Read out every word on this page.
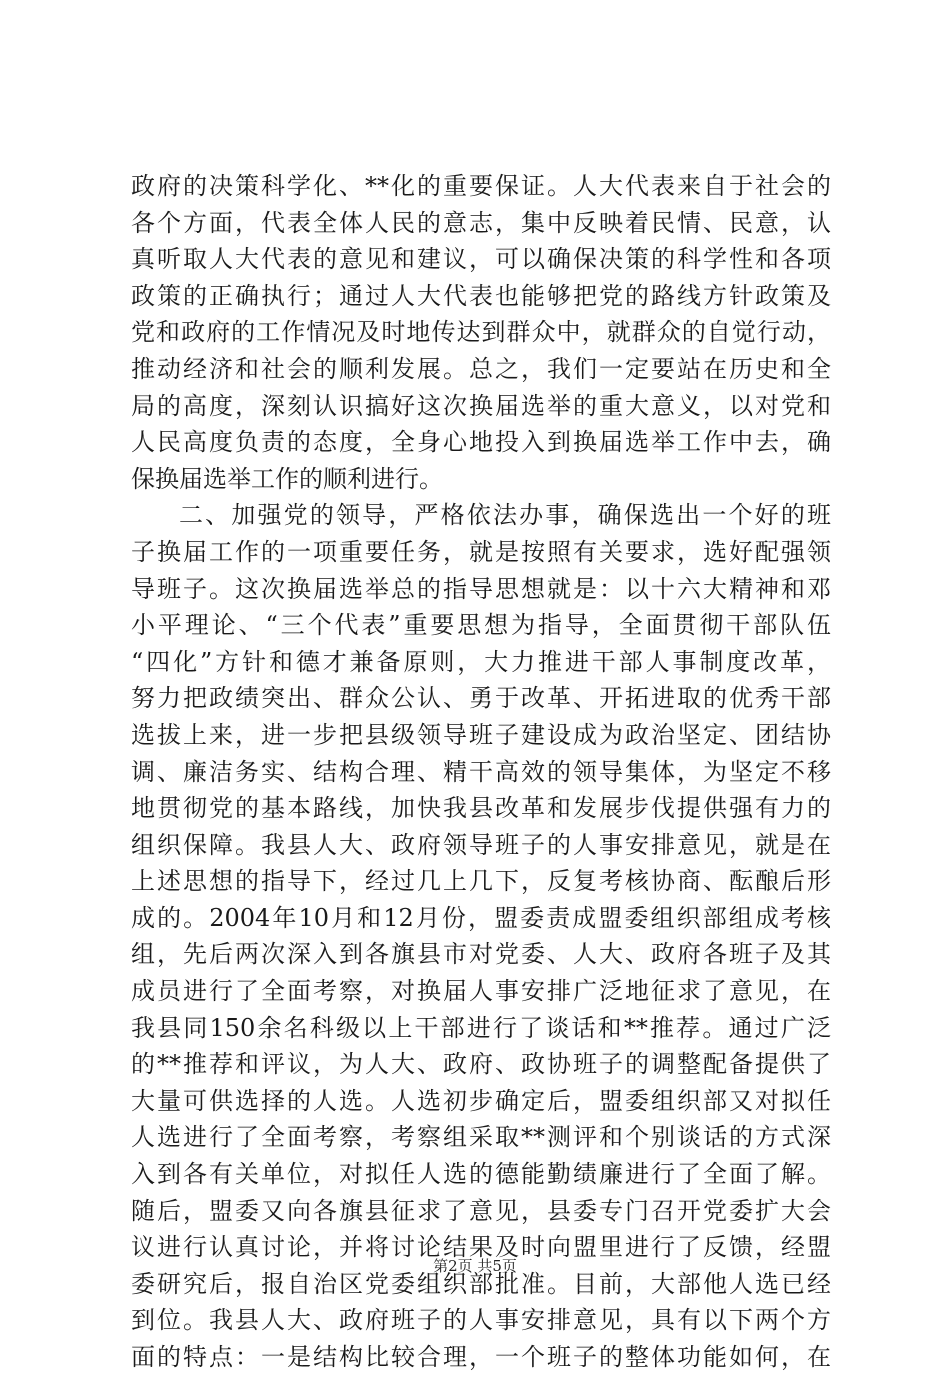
政府的决策科学化、**化的重要保证。人大代表来自于社会的
各个方面，代表全体人民的意志，集中反映着民情、民意，认
真听取人大代表的意见和建议，可以确保决策的科学性和各项
政策的正确执行；通过人大代表也能够把党的路线方针政策及
党和政府的工作情况及时地传达到群众中，就群众的自觉行动，
推动经济和社会的顺利发展。总之，我们一定要站在历史和全
局的高度，深刻认识搞好这次换届选举的重大意义，以对党和
人民高度负责的态度，全身心地投入到换届选举工作中去，确
保换届选举工作的顺利进行。
二、加强党的领导，严格依法办事，确保选出一个好的班
子换届工作的一项重要任务，就是按照有关要求，选好配强领
导班子。这次换届选举总的指导思想就是：以十六大精神和邓
小平理论、“三个代表”重要思想为指导，全面贯彻干部队伍
“四化”方针和德才兼备原则，大力推进干部人事制度改革，
努力把政绩突出、群众公认、勇于改革、开拓进取的优秀干部
选拔上来，进一步把县级领导班子建设成为政治坚定、团结协
调、廉洁务实、结构合理、精干高效的领导集体，为坚定不移
地贯彻党的基本路线，加快我县改革和发展步伐提供强有力的
组织保障。我县人大、政府领导班子的人事安排意见，就是在
上述思想的指导下，经过几上几下，反复考核协商、酝酿后形
成的。2004年10月和12月份，盟委责成盟委组织部组成考核
组，先后两次深入到各旗县市对党委、人大、政府各班子及其
成员进行了全面考察，对换届人事安排广泛地征求了意见，在
我县同150余名科级以上干部进行了谈话和**推荐。通过广泛
的**推荐和评议，为人大、政府、政协班子的调整配备提供了
大量可供选择的人选。人选初步确定后，盟委组织部又对拟任
人选进行了全面考察，考察组采取**测评和个别谈话的方式深
入到各有关单位，对拟任人选的德能勤绩廉进行了全面了解。
随后，盟委又向各旗县征求了意见，县委专门召开党委扩大会
议进行认真讨论，并将讨论结果及时向盟里进行了反馈，经盟
委研究后，报自治区党委组织部批准。目前，大部他人选已经
到位。我县人大、政府班子的人事安排意见，具有以下两个方
面的特点：一是结构比较合理，一个班子的整体功能如何，在
第2页 共5页
